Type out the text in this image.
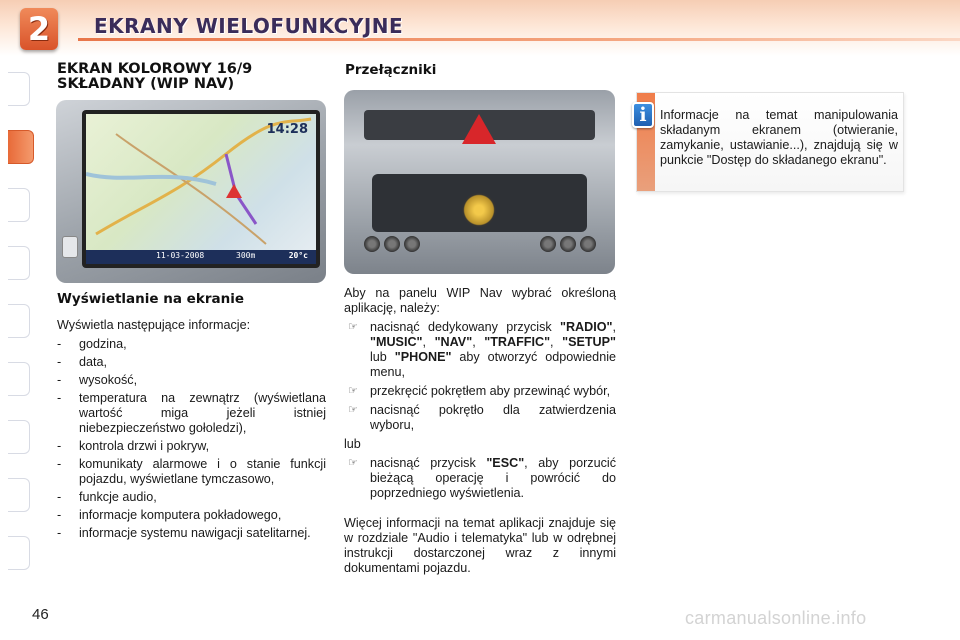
2	EKRANY WIELOFUNKCYJNE
EKRAN KOLOROWY 16/9
SKŁADANY (WIP NAV)
14:28
11-03-2008	300m	20°c
Wyświetlanie na ekranie
Wyświetla następujące informacje:
- godzina,
- data,
- wysokość,
- temperatura na zewnątrz (wyświetlana wartość miga jeżeli istniej niebezpieczeństwo gołoledzi),
- kontrola drzwi i pokryw,
- komunikaty alarmowe i o stanie funkcji pojazdu, wyświetlane tymczasowo,
- funkcje audio,
- informacje komputera pokładowego,
- informacje systemu nawigacji satelitarnej.
Przełączniki
Aby na panelu WIP Nav wybrać określoną aplikację, należy:
☞ nacisnąć dedykowany przycisk "RADIO", "MUSIC", "NAV", "TRAFFIC", "SETUP" lub "PHONE" aby otworzyć odpowiednie menu,
☞ przekręcić pokrętłem aby przewinąć wybór,
☞ nacisnąć pokrętło dla zatwierdzenia wyboru,
lub
☞ nacisnąć przycisk "ESC", aby porzucić bieżącą operację i powrócić do poprzedniego wyświetlenia.
Więcej informacji na temat aplikacji znajduje się w rozdziale "Audio i telematyka" lub w odrębnej instrukcji dostarczonej wraz z innymi dokumentami pojazdu.
i	Informacje na temat manipulowania składanym ekranem (otwieranie, zamykanie, ustawianie...), znajdują się w punkcie "Dostęp do składanego ekranu".
46	carmanualsonline.info
